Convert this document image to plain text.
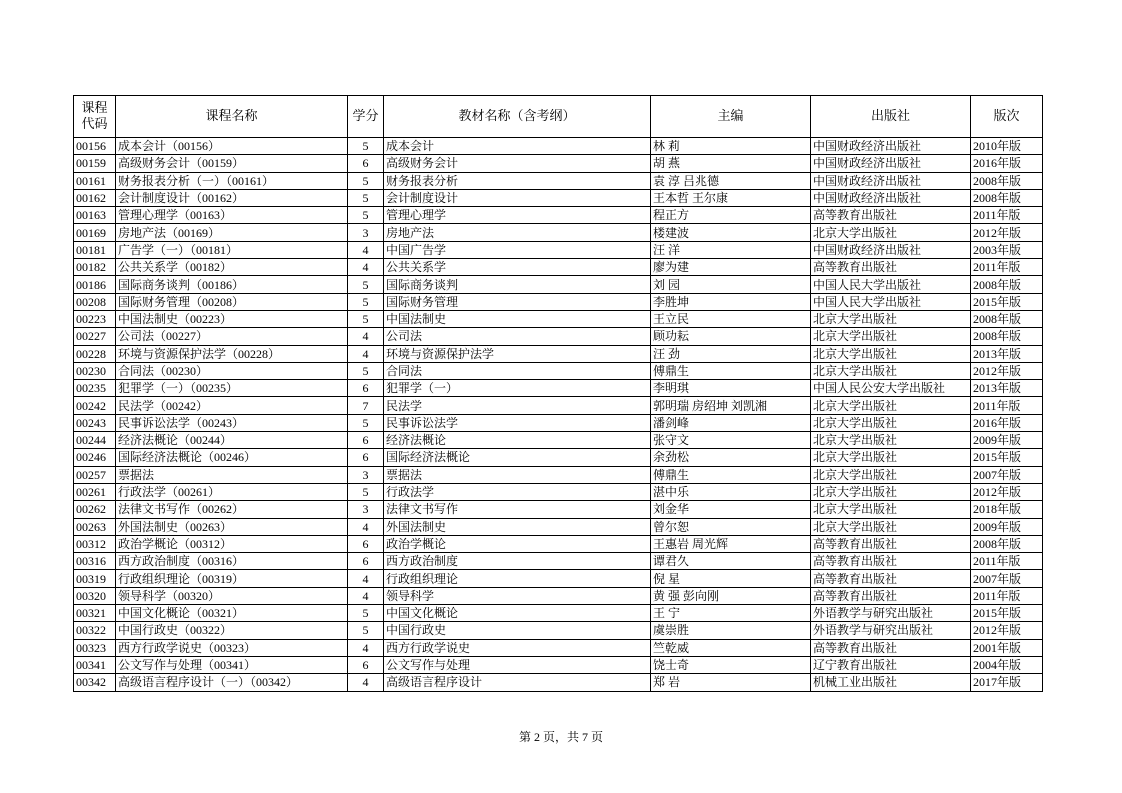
课程
代码	课程名称	学分	教材名称（含考纲）	主编	出版社	版次
00156	成本会计（00156）	5	成本会计	林 莉	中国财政经济出版社	2010年版
00159	高级财务会计（00159）	6	高级财务会计	胡 燕	中国财政经济出版社	2016年版
00161	财务报表分析（一）（00161）	5	财务报表分析	袁 淳 吕兆德	中国财政经济出版社	2008年版
00162	会计制度设计（00162）	5	会计制度设计	王本哲 王尔康	中国财政经济出版社	2008年版
00163	管理心理学（00163）	5	管理心理学	程正方	高等教育出版社	2011年版
00169	房地产法（00169）	3	房地产法	楼建波	北京大学出版社	2012年版
00181	广告学（一）（00181）	4	中国广告学	汪 洋	中国财政经济出版社	2003年版
00182	公共关系学（00182）	4	公共关系学	廖为建	高等教育出版社	2011年版
00186	国际商务谈判（00186）	5	国际商务谈判	刘 园	中国人民大学出版社	2008年版
00208	国际财务管理（00208）	5	国际财务管理	李胜坤	中国人民大学出版社	2015年版
00223	中国法制史（00223）	5	中国法制史	王立民	北京大学出版社	2008年版
00227	公司法（00227）	4	公司法	顾功耘	北京大学出版社	2008年版
00228	环境与资源保护法学（00228）	4	环境与资源保护法学	汪 劲	北京大学出版社	2013年版
00230	合同法（00230）	5	合同法	傅鼎生	北京大学出版社	2012年版
00235	犯罪学（一）（00235）	6	犯罪学（一）	李明琪	中国人民公安大学出版社	2013年版
00242	民法学（00242）	7	民法学	郭明瑞 房绍坤 刘凯湘	北京大学出版社	2011年版
00243	民事诉讼法学（00243）	5	民事诉讼法学	潘剑峰	北京大学出版社	2016年版
00244	经济法概论（00244）	6	经济法概论	张守文	北京大学出版社	2009年版
00246	国际经济法概论（00246）	6	国际经济法概论	余劲松	北京大学出版社	2015年版
00257	票据法	3	票据法	傅鼎生	北京大学出版社	2007年版
00261	行政法学（00261）	5	行政法学	湛中乐	北京大学出版社	2012年版
00262	法律文书写作（00262）	3	法律文书写作	刘金华	北京大学出版社	2018年版
00263	外国法制史（00263）	4	外国法制史	曾尔恕	北京大学出版社	2009年版
00312	政治学概论（00312）	6	政治学概论	王惠岩 周光辉	高等教育出版社	2008年版
00316	西方政治制度（00316）	6	西方政治制度	谭君久	高等教育出版社	2011年版
00319	行政组织理论（00319）	4	行政组织理论	倪 星	高等教育出版社	2007年版
00320	领导科学（00320）	4	领导科学	黄 强 彭向刚	高等教育出版社	2011年版
00321	中国文化概论（00321）	5	中国文化概论	王 宁	外语教学与研究出版社	2015年版
00322	中国行政史（00322）	5	中国行政史	虞崇胜	外语教学与研究出版社	2012年版
00323	西方行政学说史（00323）	4	西方行政学说史	竺乾威	高等教育出版社	2001年版
00341	公文写作与处理（00341）	6	公文写作与处理	饶士奇	辽宁教育出版社	2004年版
00342	高级语言程序设计（一）（00342）	4	高级语言程序设计	郑 岩	机械工业出版社	2017年版
第 2 页，共 7 页
